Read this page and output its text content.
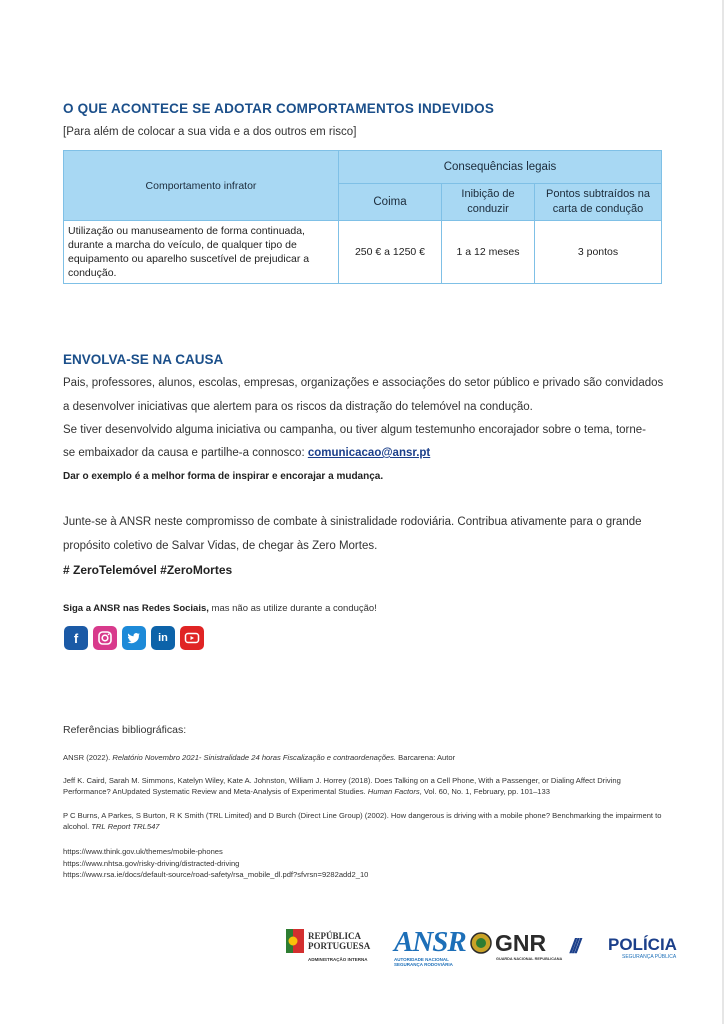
O QUE ACONTECE SE ADOTAR COMPORTAMENTOS INDEVIDOS
[Para além de colocar a sua vida e a dos outros em risco]
Comportamento infrator	Consequências legais		
	Coima	Inibição de conduzir	Pontos subtraídos na carta de condução
Utilização ou manuseamento de forma continuada, durante a marcha do veículo, de qualquer tipo de equipamento ou aparelho suscetível de prejudicar a condução.	250 € a 1250 €	1 a 12 meses	3 pontos
ENVOLVA-SE NA CAUSA
Pais, professores, alunos, escolas, empresas, organizações e associações do setor público e privado são convidados
a desenvolver iniciativas que alertem para os riscos da distração do telemóvel na condução.
Se tiver desenvolvido alguma iniciativa ou campanha, ou tiver algum testemunho encorajador sobre o tema, torne-
se embaixador da causa e partilhe-a connosco: comunicacao@ansr.pt
Dar o exemplo é a melhor forma de inspirar e encorajar a mudança.
Junte-se à ANSR neste compromisso de combate à sinistralidade rodoviária. Contribua ativamente para o grande
propósito coletivo de Salvar Vidas, de chegar às Zero Mortes.
# ZeroTelemóvel #ZeroMortes
Siga a ANSR nas Redes Sociais, mas não as utilize durante a condução!
f	in
Referências bibliográficas:
ANSR (2022). Relatório Novembro 2021- Sinistralidade 24 horas Fiscalização e contraordenações. Barcarena: Autor
Jeff K. Caird, Sarah M. Simmons, Katelyn Wiley, Kate A. Johnston, William J. Horrey (2018). Does Talking on a Cell Phone, With a Passenger, or Dialing Affect Driving Performance? AnUpdated Systematic Review and Meta-Analysis of Experimental Studies. Human Factors, Vol. 60, No. 1, February, pp. 101–133
P C Burns, A Parkes, S Burton, R K Smith (TRL Limited) and D Burch (Direct Line Group) (2002). How dangerous is driving with a mobile phone? Benchmarking the impairment to alcohol. TRL Report TRL547
https://www.think.gov.uk/themes/mobile-phones
https://www.nhtsa.gov/risky-driving/distracted-driving
https://www.rsa.ie/docs/default-source/road-safety/rsa_mobile_dl.pdf?sfvrsn=9282add2_10
REPÚBLICA
PORTUGUESA
ADMINISTRAÇÃO INTERNA
ANSR
AUTORIDADE NACIONAL
SEGURANÇA RODOVIÁRIA
GNR
GUARDA NACIONAL REPUBLICANA
/// POLÍCIA
SEGURANÇA PÚBLICA
